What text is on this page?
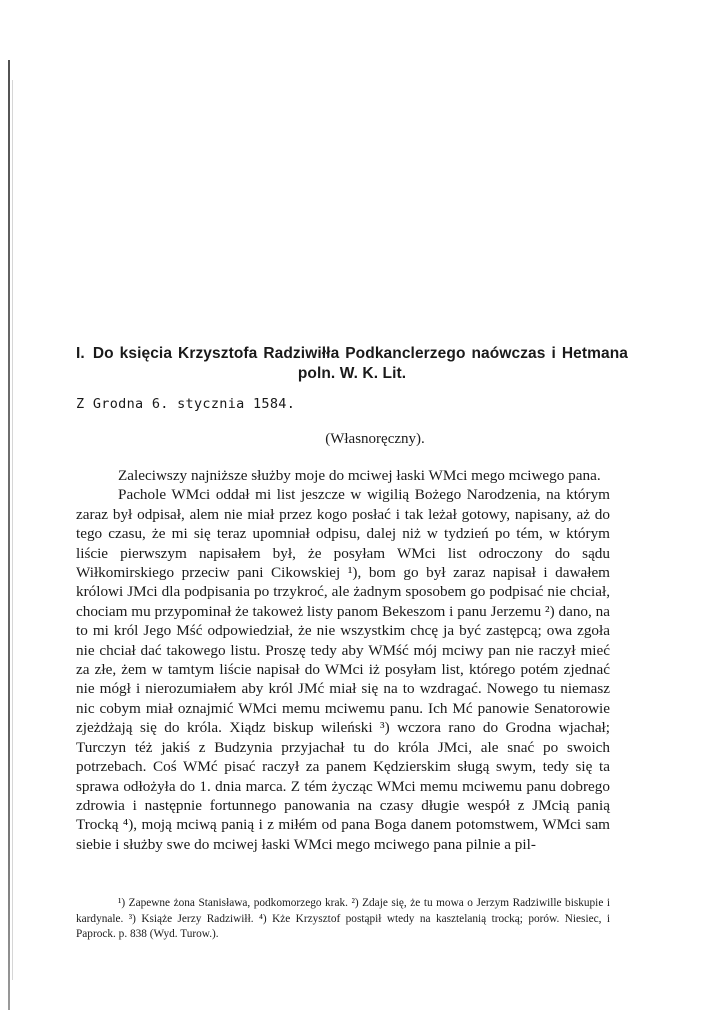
I. Do księcia Krzysztofa Radziwiłła Podkanclerzego naówczas i Hetmana poln. W. K. Lit.
Z Grodna 6. stycznia 1584.
(Własnoręczny).

Zaleciwszy najniższe służby moje do mciwej łaski WMci mego mciwego pana.

Pachole WMci oddał mi list jeszcze w wigilią Bożego Narodzenia, na którym zaraz był odpisał, alem nie miał przez kogo posłać i tak leżał gotowy, napisany, aż do tego czasu, że mi się teraz upomniał odpisu, dalej niż w tydzień po tém, w którym liście pierwszym napisałem był, że posyłam WMci list odroczony do sądu Wiłkomirskiego przeciw pani Cikowskiej ¹), bom go był zaraz napisał i dawałem królowi JMci dla podpisania po trzykroć, ale żadnym sposobem go podpisać nie chciał, chociam mu przypominał że takoweż listy panom Bekeszom i panu Jerzemu ²) dano, na to mi król Jego Mść odpowiedział, że nie wszystkim chcę ja być zastępcą; owa zgoła nie chciał dać takowego listu. Proszę tedy aby WMść mój mciwy pan nie raczył mieć za złe, żem w tamtym liście napisał do WMci iż posyłam list, którego potém zjednać nie mógł i nierozumiałem aby król JMć miał się na to wzdragać. Nowego tu niemasz nic cobym miał oznajmić WMci memu mciwemu panu. Ich Mć panowie Senatorowie zjeżdżają się do króla. Xiądz biskup wileński ³) wczora rano do Grodna wjachał; Turczyn téż jakiś z Budzynia przyjachał tu do króla JMci, ale snać po swoich potrzebach. Coś WMć pisać raczył za panem Kędzierskim sługą swym, tedy się ta sprawa odłożyła do 1. dnia marca. Z tém życząc WMci memu mciwemu panu dobrego zdrowia i następnie fortunnego panowania na czasy długie wespół z JMcią panią Trocką ⁴), moją mciwą panią i z miłém od pana Boga danem potomstwem, WMci sam siebie i służby swe do mciwej łaski WMci mego mciwego pana pilnie a pil-

¹) Zapewne żona Stanisława, podkomorzego krak. ²) Zdaje się, że tu mowa o Jerzym Radziwille biskupie i kardynale. ³) Książe Jerzy Radziwiłł. ⁴) Kże Krzysztof postąpił wtedy na kasztelanią trocką; porów. Niesiec, i Paprock. p. 838 (Wyd. Turow.).
